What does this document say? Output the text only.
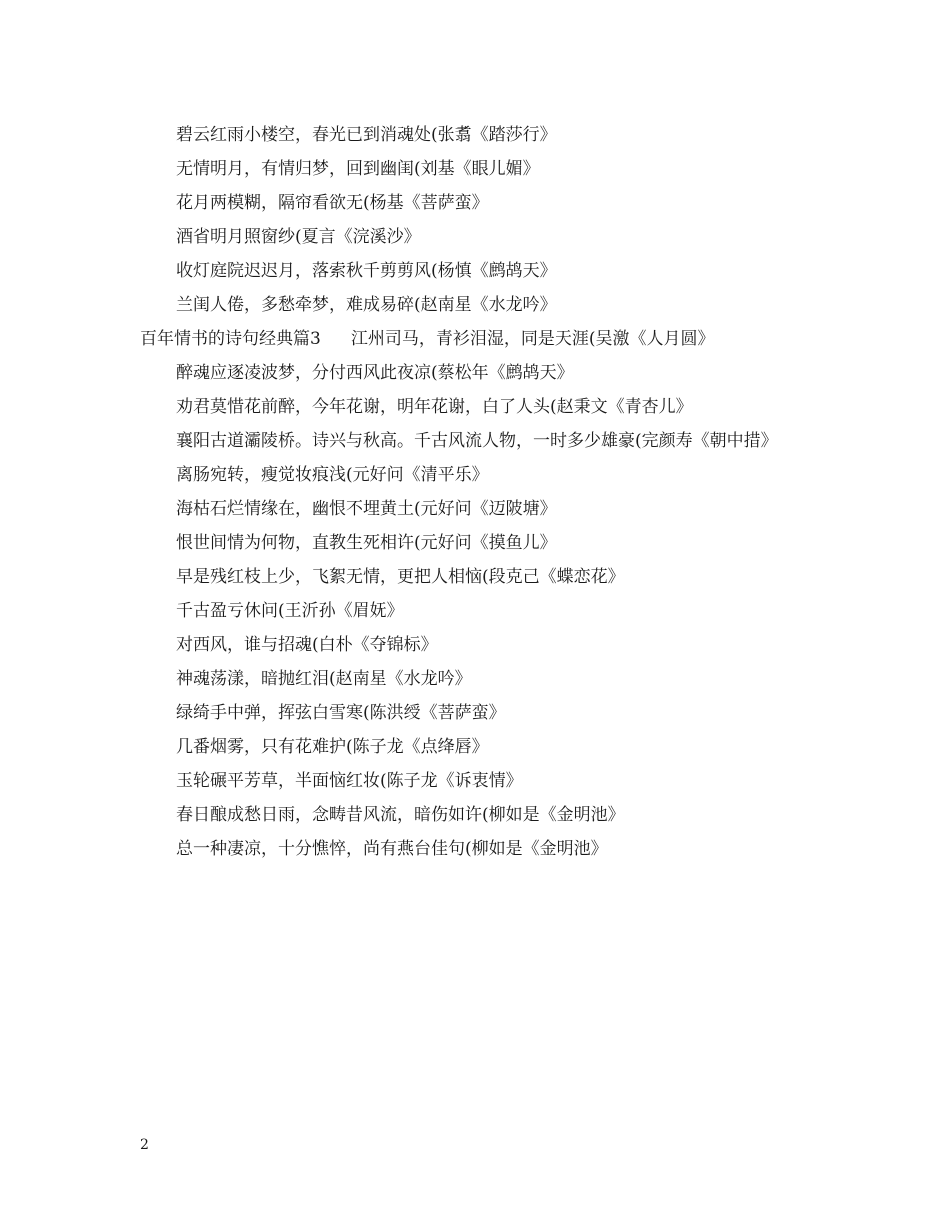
碧云红雨小楼空，春光已到消魂处(张翥《踏莎行》
无情明月，有情归梦，回到幽闺(刘基《眼儿媚》
花月两模糊，隔帘看欲无(杨基《菩萨蛮》
酒省明月照窗纱(夏言《浣溪沙》
收灯庭院迟迟月，落索秋千剪剪风(杨慎《鹧鸪天》
兰闺人倦，多愁牵梦，难成易碎(赵南星《水龙吟》
百年情书的诗句经典篇3 江州司马，青衫泪湿，同是天涯(吴激《人月圆》
醉魂应逐凌波梦，分付西风此夜凉(蔡松年《鹧鸪天》
劝君莫惜花前醉，今年花谢，明年花谢，白了人头(赵秉文《青杏儿》
襄阳古道灞陵桥。诗兴与秋高。千古风流人物，一时多少雄豪(完颜寿《朝中措》
离肠宛转，瘦觉妆痕浅(元好问《清平乐》
海枯石烂情缘在，幽恨不埋黄土(元好问《迈陂塘》
恨世间情为何物，直教生死相许(元好问《摸鱼儿》
早是残红枝上少，飞絮无情，更把人相恼(段克己《蝶恋花》
千古盈亏休问(王沂孙《眉妩》
对西风，谁与招魂(白朴《夺锦标》
神魂荡漾，暗抛红泪(赵南星《水龙吟》
绿绮手中弹，挥弦白雪寒(陈洪绶《菩萨蛮》
几番烟雾，只有花难护(陈子龙《点绛唇》
玉轮碾平芳草，半面恼红妆(陈子龙《诉衷情》
春日酿成愁日雨，念畴昔风流，暗伤如许(柳如是《金明池》
总一种凄凉，十分憔悴，尚有燕台佳句(柳如是《金明池》
2
